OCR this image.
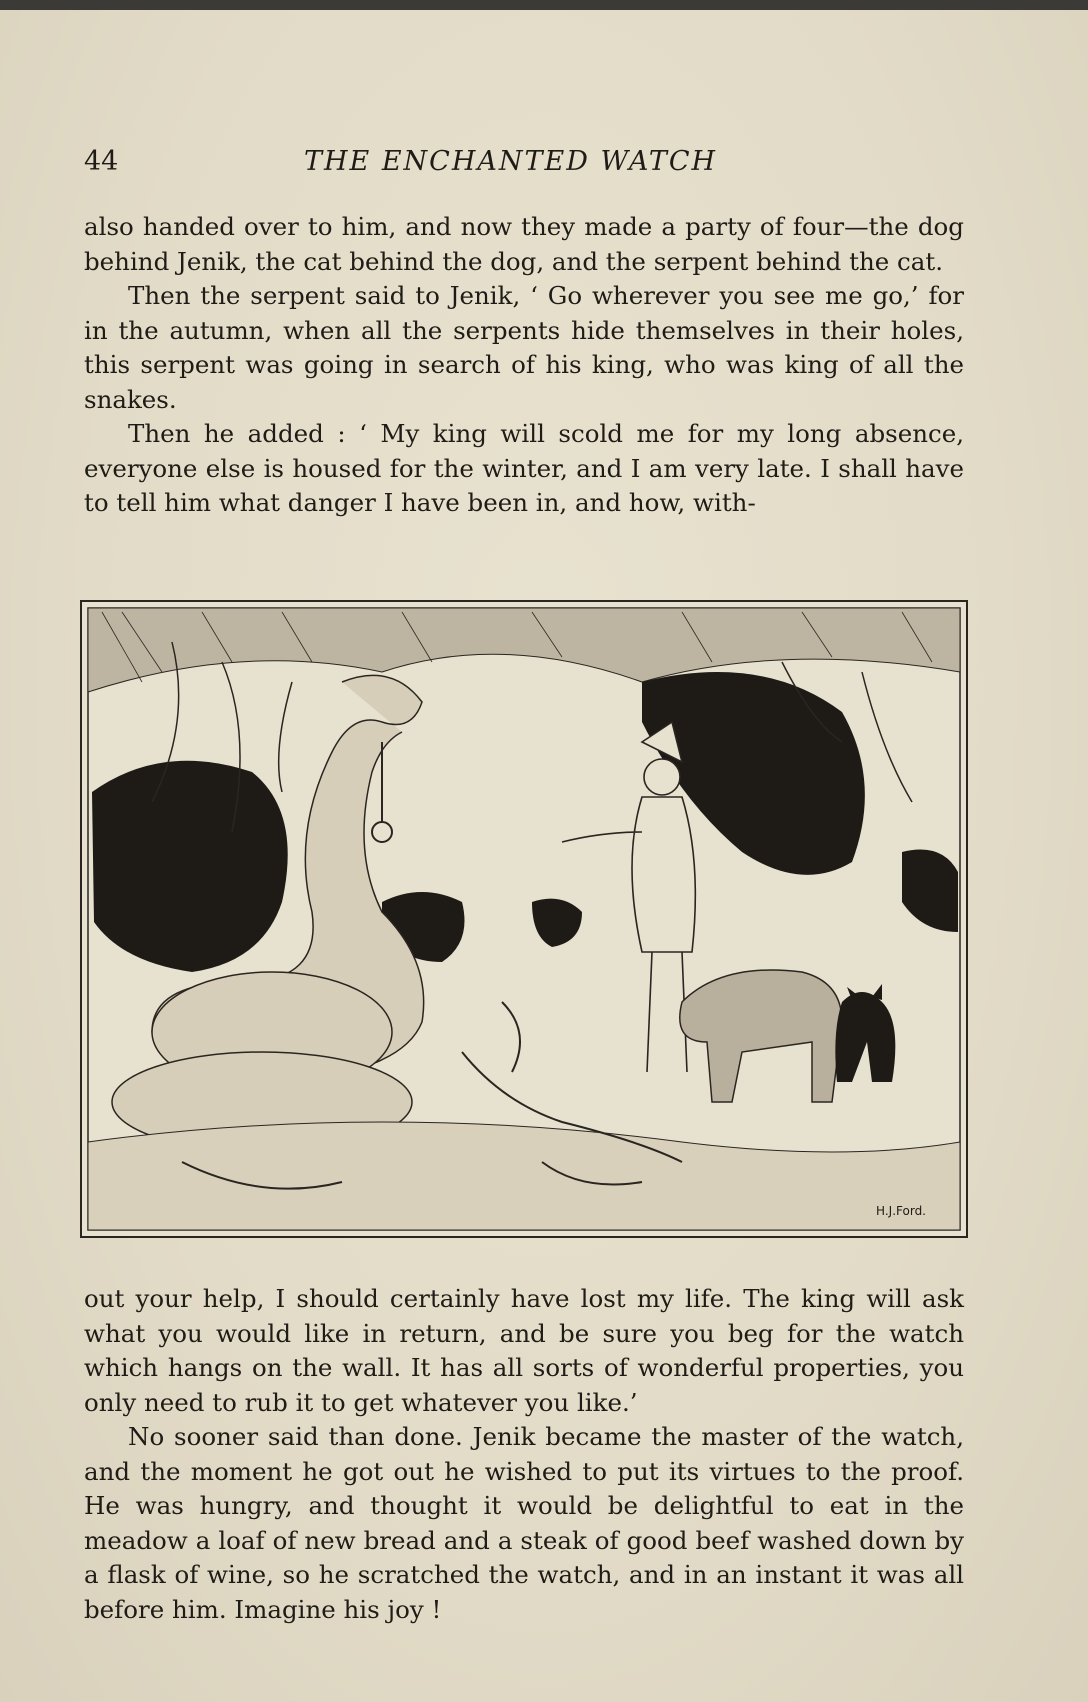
44	THE ENCHANTED WATCH

also handed over to him, and now they made a party of four—the dog behind Jenik, the cat behind the dog, and the serpent behind the cat.

Then the serpent said to Jenik, ‘ Go wherever you see me go,’ for in the autumn, when all the serpents hide themselves in their holes, this serpent was going in search of his king, who was king of all the snakes.

Then he added : ‘ My king will scold me for my long absence, everyone else is housed for the winter, and I am very late. I shall have to tell him what danger I have been in, and how, with-

H.J.Ford.

out your help, I should certainly have lost my life. The king will ask what you would like in return, and be sure you beg for the watch which hangs on the wall. It has all sorts of wonderful properties, you only need to rub it to get whatever you like.’

No sooner said than done. Jenik became the master of the watch, and the moment he got out he wished to put its virtues to the proof. He was hungry, and thought it would be delightful to eat in the meadow a loaf of new bread and a steak of good beef washed down by a flask of wine, so he scratched the watch, and in an instant it was all before him. Imagine his joy !
